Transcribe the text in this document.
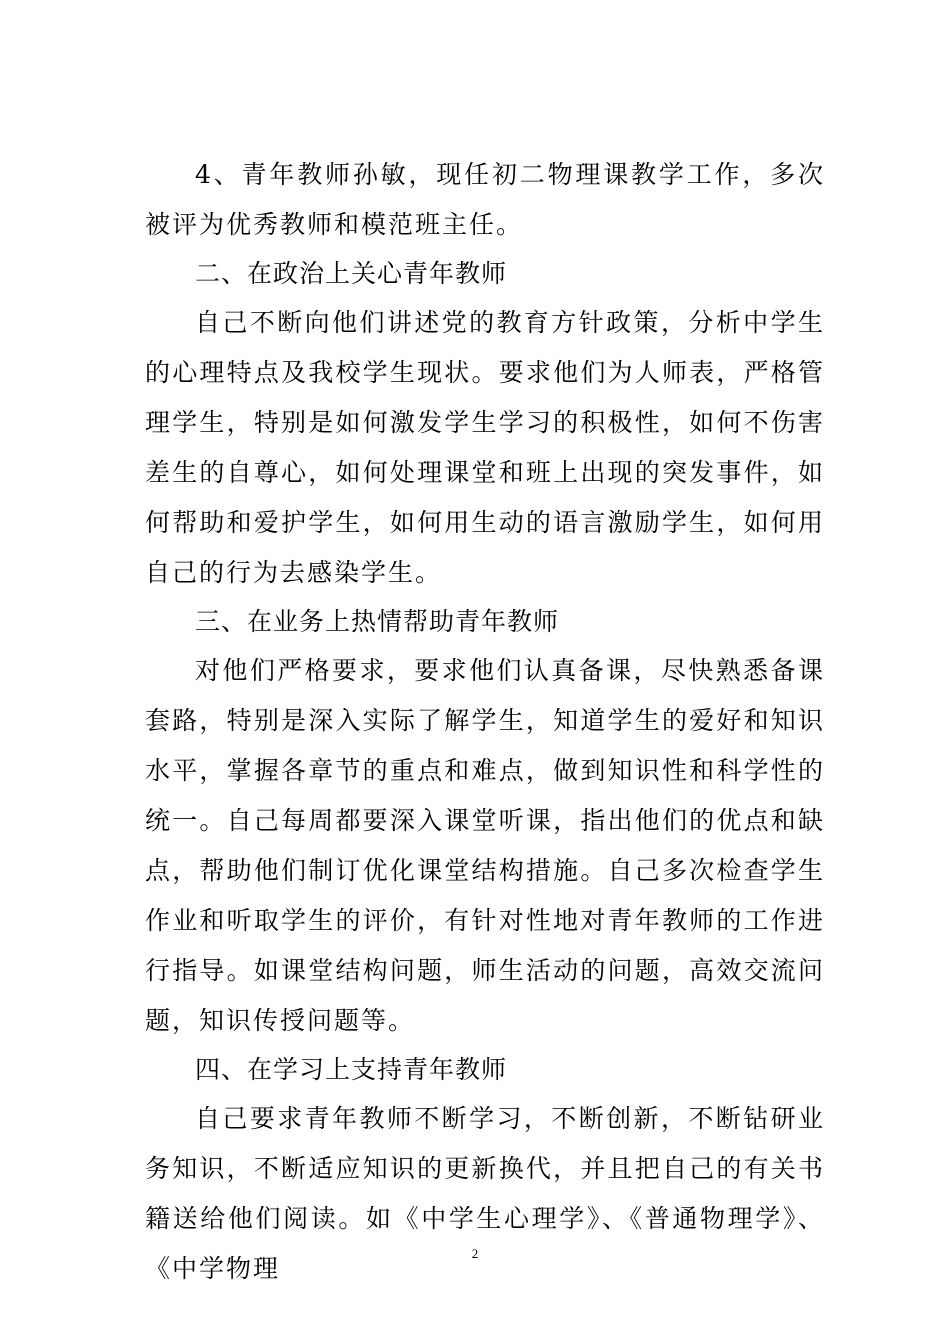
4、青年教师孙敏，现任初二物理课教学工作，多次被评为优秀教师和模范班主任。

二、在政治上关心青年教师

自己不断向他们讲述党的教育方针政策，分析中学生的心理特点及我校学生现状。要求他们为人师表，严格管理学生，特别是如何激发学生学习的积极性，如何不伤害差生的自尊心，如何处理课堂和班上出现的突发事件，如何帮助和爱护学生，如何用生动的语言激励学生，如何用自己的行为去感染学生。

三、在业务上热情帮助青年教师

对他们严格要求，要求他们认真备课，尽快熟悉备课套路，特别是深入实际了解学生，知道学生的爱好和知识水平，掌握各章节的重点和难点，做到知识性和科学性的统一。自己每周都要深入课堂听课，指出他们的优点和缺点，帮助他们制订优化课堂结构措施。自己多次检查学生作业和听取学生的评价，有针对性地对青年教师的工作进行指导。如课堂结构问题，师生活动的问题，高效交流问题，知识传授问题等。

四、在学习上支持青年教师

自己要求青年教师不断学习，不断创新，不断钻研业务知识，不断适应知识的更新换代，并且把自己的有关书籍送给他们阅读。如《中学生心理学》、《普通物理学》、《中学物理

2
